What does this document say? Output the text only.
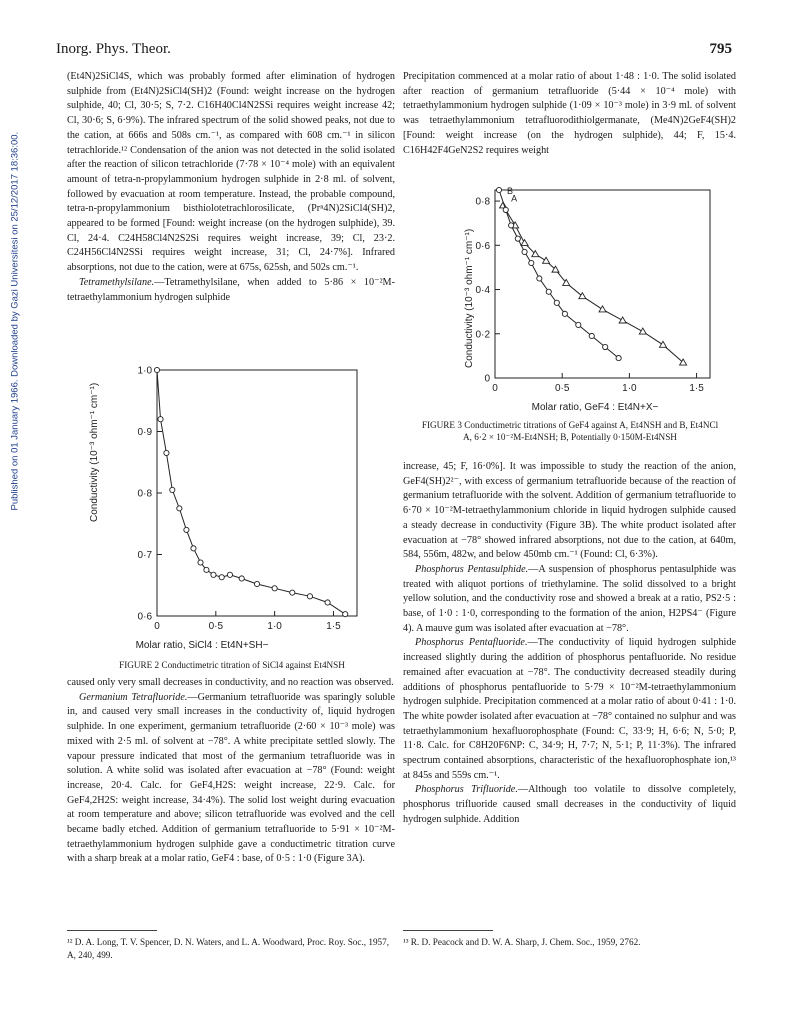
Inorg. Phys. Theor.	795
Published on 01 January 1966. Downloaded by Gazi Universitesi on 25/12/2017 18:36:00.

(Et4N)2SiCl4S, which was probably formed after elimination of hydrogen sulphide from (Et4N)2SiCl4(SH)2 (Found: weight increase on the hydrogen sulphide, 40; Cl, 30·5; S, 7·2. C16H40Cl4N2SSi requires weight increase 42; Cl, 30·6; S, 6·9%). The infrared spectrum of the solid showed peaks, not due to the cation, at 666s and 508s cm.⁻¹, as compared with 608 cm.⁻¹ in silicon tetrachloride.¹² Condensation of the anion was not detected in the solid isolated after the reaction of silicon tetrachloride (7·78 × 10⁻⁴ mole) with an equivalent amount of tetra-n-propylammonium hydrogen sulphide in 2·8 ml. of solvent, followed by evacuation at room temperature. Instead, the probable compound, tetra-n-propylammonium bisthiolotetrachlorosilicate, (Prⁿ4N)2SiCl4(SH)2, appeared to be formed [Found: weight increase (on the hydrogen sulphide), 39. Cl, 24·4. C24H58Cl4N2S2Si requires weight increase, 39; Cl, 23·2. C24H56Cl4N2SSi requires weight increase, 31; Cl, 24·7%]. Infrared absorptions, not due to the cation, were at 675s, 625sh, and 502s cm.⁻¹.

Tetramethylsilane.—Tetramethylsilane, when added to 5·86 × 10⁻²M-tetraethylammonium hydrogen sulphide

Conductivity (10⁻³ ohm⁻¹ cm⁻¹)
Molar ratio, SiCl4 : Et4N+SH−
0	0·5	1·0	1·5
0·6
0·7
0·8
0·9
1·0
FIGURE 2 Conductimetric titration of SiCl4 against Et4NSH

caused only very small decreases in conductivity, and no reaction was observed.

Germanium Tetrafluoride.—Germanium tetrafluoride was sparingly soluble in, and caused very small increases in the conductivity of, liquid hydrogen sulphide. In one experiment, germanium tetrafluoride (2·60 × 10⁻³ mole) was mixed with 2·5 ml. of solvent at −78°. A white precipitate settled slowly. The vapour pressure indicated that most of the germanium tetrafluoride was in solution. A white solid was isolated after evacuation at −78° (Found: weight increase, 20·4. Calc. for GeF4,H2S: weight increase, 22·9. Calc. for GeF4,2H2S: weight increase, 34·4%). The solid lost weight during evacuation at room temperature and above; silicon tetrafluoride was evolved and the cell became badly etched. Addition of germanium tetrafluoride to 5·91 × 10⁻²M-tetraethylammonium hydrogen sulphide gave a conductimetric titration curve with a sharp break at a molar ratio, GeF4 : base, of 0·5 : 1·0 (Figure 3A).

¹² D. A. Long, T. V. Spencer, D. N. Waters, and L. A. Woodward, Proc. Roy. Soc., 1957, A, 240, 499.

Precipitation commenced at a molar ratio of about 1·48 : 1·0. The solid isolated after reaction of germanium tetrafluoride (5·44 × 10⁻⁴ mole) with tetraethylammonium hydrogen sulphide (1·09 × 10⁻³ mole) in 3·9 ml. of solvent was tetraethylammonium tetrafluorodithiolgermanate, (Me4N)2GeF4(SH)2 [Found: weight increase (on the hydrogen sulphide), 44; F, 15·4. C16H42F4GeN2S2 requires weight

Conductivity (10⁻³ ohm⁻¹ cm⁻¹)
Molar ratio, GeF4 : Et4N+X−
0	0·5	1·0	1·5
0
0·2
0·4
0·6
0·8 A
B
FIGURE 3 Conductimetric titrations of GeF4 against A, Et4NSH and B, Et4NCl
A, 6·2 × 10⁻²M-Et4NSH; B, Potentially 0·150M-Et4NSH

increase, 45; F, 16·0%]. It was impossible to study the reaction of the anion, GeF4(SH)2²⁻, with excess of germanium tetrafluoride because of the reaction of germanium tetrafluoride with the solvent. Addition of germanium tetrafluoride to 6·70 × 10⁻²M-tetraethylammonium chloride in liquid hydrogen sulphide caused a steady decrease in conductivity (Figure 3B). The white product isolated after evacuation at −78° showed infrared absorptions, not due to the cation, at 640m, 584, 556m, 482w, and below 450mb cm.⁻¹ (Found: Cl, 6·3%).

Phosphorus Pentasulphide.—A suspension of phosphorus pentasulphide was treated with aliquot portions of triethylamine. The solid dissolved to a bright yellow solution, and the conductivity rose and showed a break at a ratio, PS2·5 : base, of 1·0 : 1·0, corresponding to the formation of the anion, H2PS4⁻ (Figure 4). A mauve gum was isolated after evacuation at −78°.

Phosphorus Pentafluoride.—The conductivity of liquid hydrogen sulphide increased slightly during the addition of phosphorus pentafluoride. No residue remained after evacuation at −78°. The conductivity decreased steadily during additions of phosphorus pentafluoride to 5·79 × 10⁻²M-tetraethylammonium hydrogen sulphide. Precipitation commenced at a molar ratio of about 0·41 : 1·0. The white powder isolated after evacuation at −78° contained no sulphur and was tetraethylammonium hexafluorophosphate (Found: C, 33·9; H, 6·6; N, 5·0; P, 11·8. Calc. for C8H20F6NP: C, 34·9; H, 7·7; N, 5·1; P, 11·3%). The infrared spectrum contained absorptions, characteristic of the hexafluorophosphate ion,¹³ at 845s and 559s cm.⁻¹.

Phosphorus Trifluoride.—Although too volatile to dissolve completely, phosphorus trifluoride caused small decreases in the conductivity of liquid hydrogen sulphide. Addition

¹³ R. D. Peacock and D. W. A. Sharp, J. Chem. Soc., 1959, 2762.
